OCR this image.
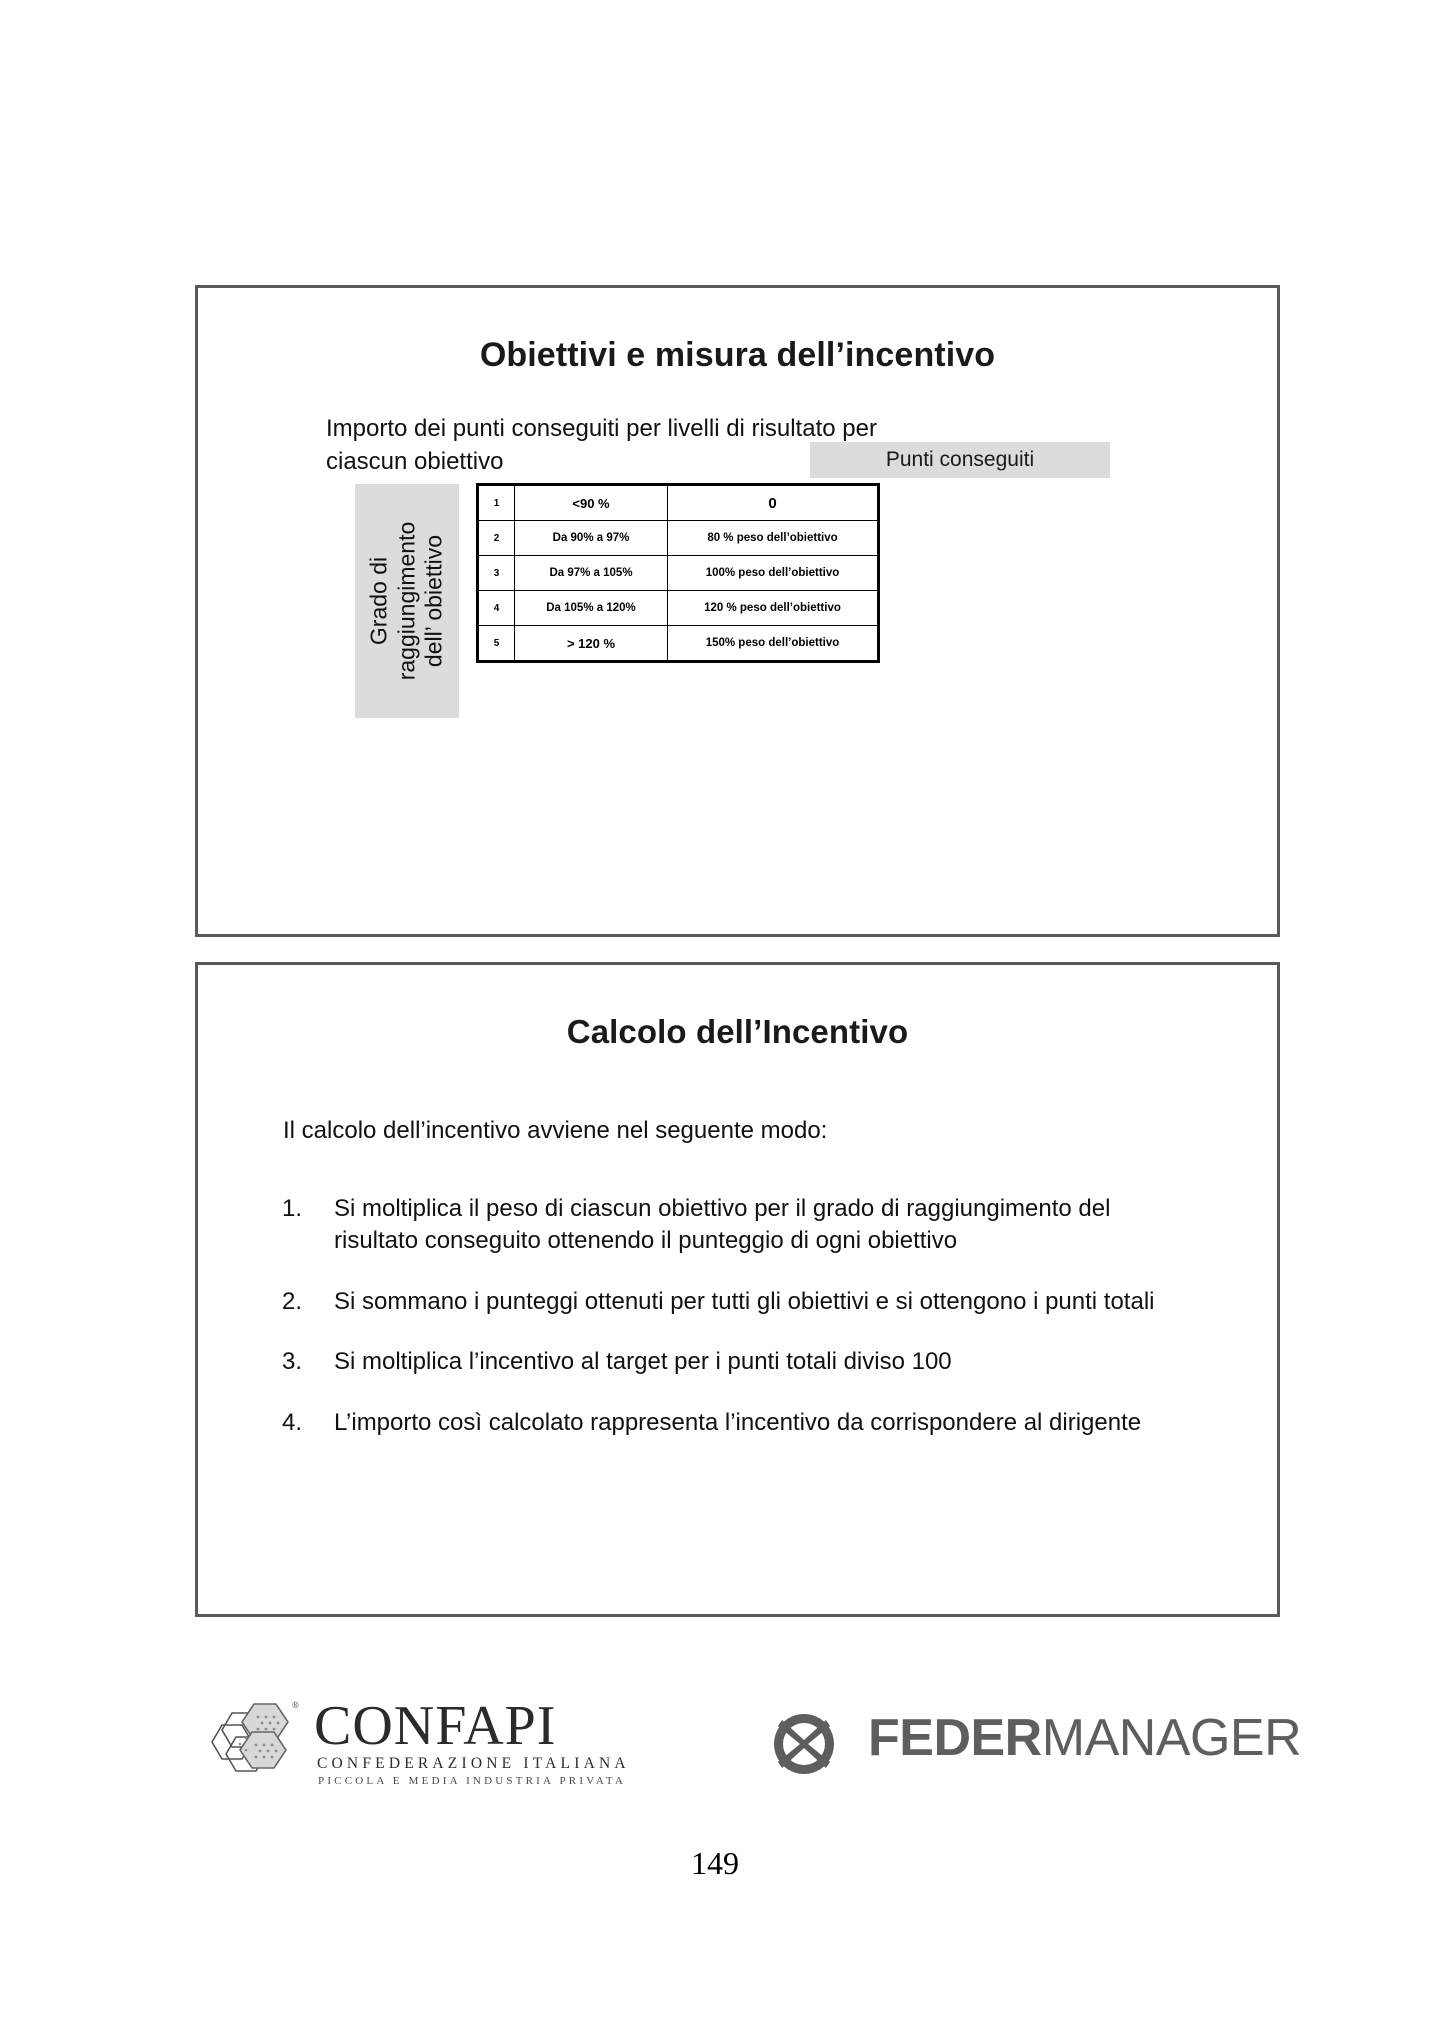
Obiettivi e misura dell’incentivo
Importo dei punti conseguiti per livelli di risultato per ciascun obiettivo	Punti conseguiti
Grado di
raggiungimento
dell’ obiettivo
1	<90 %	0
2	Da 90% a 97%	80 % peso dell’obiettivo
3	Da 97% a 105%	100% peso dell’obiettivo
4	Da 105% a 120%	120 % peso dell’obiettivo
5	> 120 %	150% peso dell’obiettivo
Calcolo dell’Incentivo
Il calcolo dell’incentivo avviene nel seguente modo:
1.	Si moltiplica il peso di ciascun obiettivo per il grado di raggiungimento del risultato conseguito ottenendo il punteggio di ogni obiettivo
2.	Si sommano i punteggi ottenuti per tutti gli obiettivi e si ottengono i punti totali
3.	Si moltiplica l’incentivo al target per i punti totali diviso 100
4.	L’importo così calcolato rappresenta l’incentivo da corrispondere al dirigente
® CONFAPI
CONFEDERAZIONE ITALIANA
PICCOLA E MEDIA INDUSTRIA PRIVATA
FEDERMANAGER
149
